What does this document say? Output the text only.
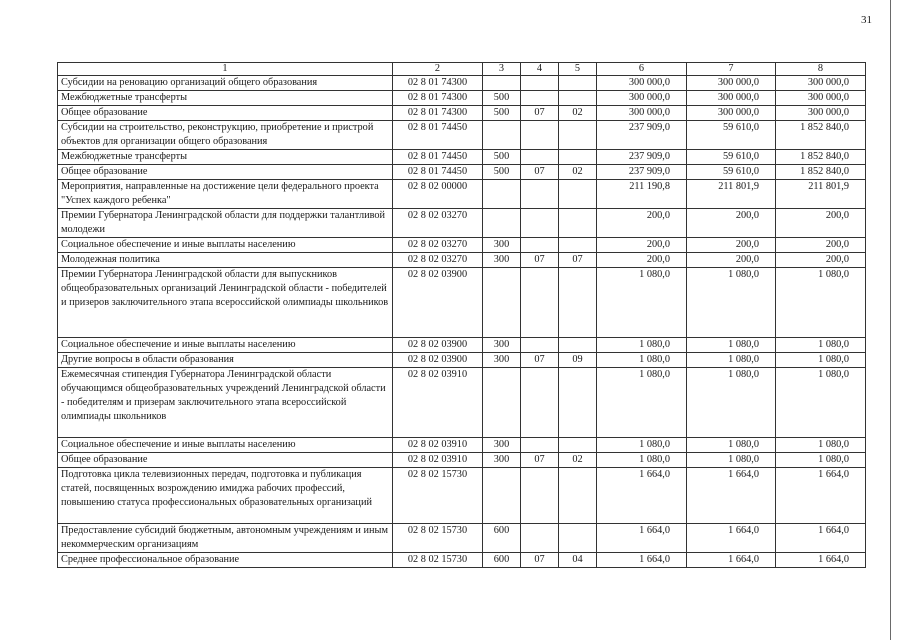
31
1	2	3	4	5	6	7	8
Субсидии на реновацию организаций общего образования	02 8 01 74300				300 000,0	300 000,0	300 000,0
Межбюджетные трансферты	02 8 01 74300	500			300 000,0	300 000,0	300 000,0
Общее образование	02 8 01 74300	500	07	02	300 000,0	300 000,0	300 000,0
Субсидии на строительство, реконструкцию, приобретение и пристрой объектов для организации общего образования	02 8 01 74450				237 909,0	59 610,0	1 852 840,0
Межбюджетные трансферты	02 8 01 74450	500			237 909,0	59 610,0	1 852 840,0
Общее образование	02 8 01 74450	500	07	02	237 909,0	59 610,0	1 852 840,0
Мероприятия, направленные на достижение цели федерального проекта "Успех каждого ребенка"	02 8 02 00000				211 190,8	211 801,9	211 801,9
Премии Губернатора Ленинградской области для поддержки талантливой молодежи	02 8 02 03270				200,0	200,0	200,0
Социальное обеспечение и иные выплаты населению	02 8 02 03270	300			200,0	200,0	200,0
Молодежная политика	02 8 02 03270	300	07	07	200,0	200,0	200,0
Премии Губернатора Ленинградской области для выпускников общеобразовательных организаций Ленинградской области - победителей и призеров заключительного этапа всероссийской олимпиады школьников	02 8 02 03900				1 080,0	1 080,0	1 080,0
Социальное обеспечение и иные выплаты населению	02 8 02 03900	300			1 080,0	1 080,0	1 080,0
Другие вопросы в области образования	02 8 02 03900	300	07	09	1 080,0	1 080,0	1 080,0
Ежемесячная стипендия Губернатора Ленинградской области обучающимся общеобразовательных учреждений Ленинградской области - победителям и призерам заключительного этапа всероссийской олимпиады школьников	02 8 02 03910				1 080,0	1 080,0	1 080,0
Социальное обеспечение и иные выплаты населению	02 8 02 03910	300			1 080,0	1 080,0	1 080,0
Общее образование	02 8 02 03910	300	07	02	1 080,0	1 080,0	1 080,0
Подготовка цикла телевизионных передач, подготовка и публикация статей, посвященных возрождению имиджа рабочих профессий, повышению статуса профессиональных образовательных организаций	02 8 02 15730				1 664,0	1 664,0	1 664,0
Предоставление субсидий бюджетным, автономным учреждениям и иным некоммерческим организациям	02 8 02 15730	600			1 664,0	1 664,0	1 664,0
Среднее профессиональное образование	02 8 02 15730	600	07	04	1 664,0	1 664,0	1 664,0
